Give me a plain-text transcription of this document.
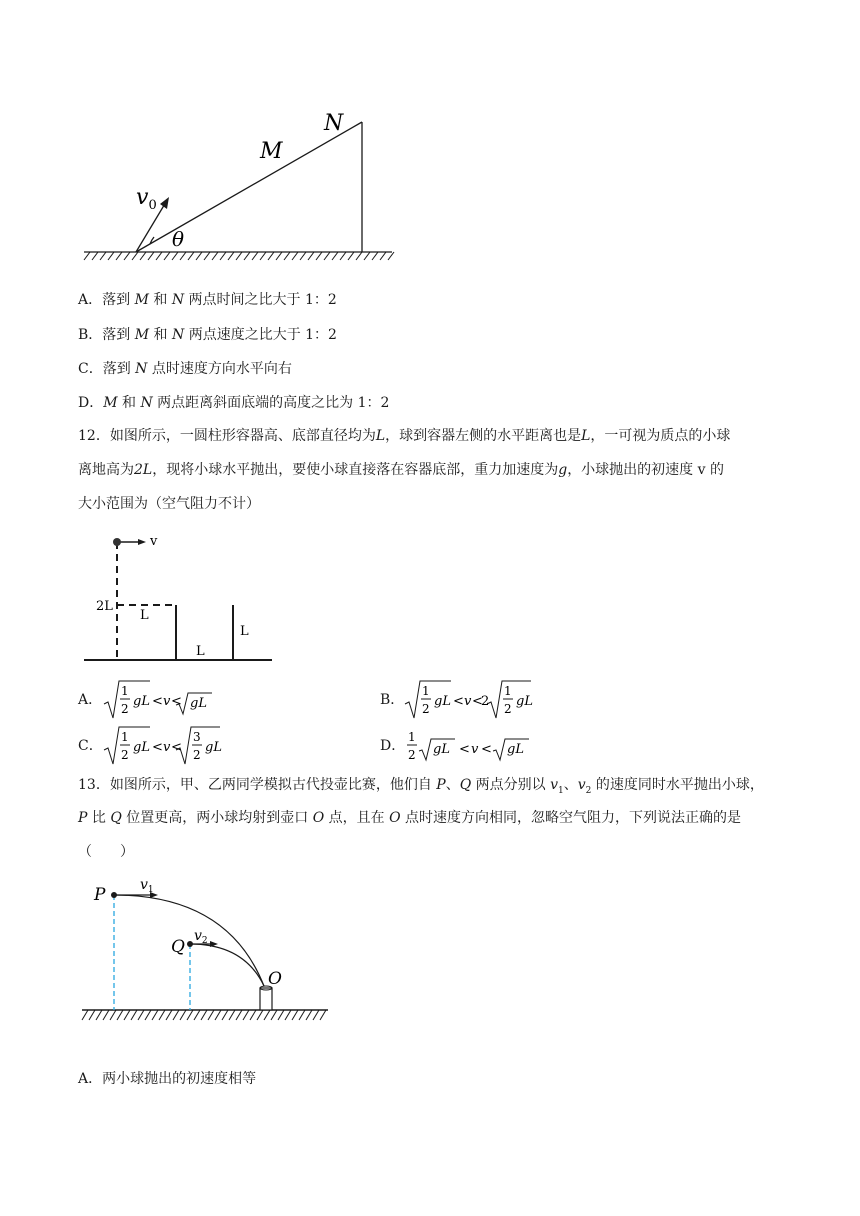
$v_0$
θ
M
N
A．落到 M 和 N 两点时间之比大于 1：2
B．落到 M 和 N 两点速度之比大于 1：2
C．落到 N 点时速度方向水平向右
D．M 和 N 两点距离斜面底端的高度之比为 1：2
12．如图所示，一圆柱形容器高、底部直径均为L，球到容器左侧的水平距离也是L，一可视为质点的小球
离地高为2L，现将小球水平抛出，要使小球直接落在容器底部，重力加速度为g，小球抛出的初速度 v 的
大小范围为（空气阻力不计）
v
2L
L
L
L
A．
1
2 gL < v < gL	B．
1
2 gL < v <
2
1
2 gL
C．
1
2 gL < v <
3
2 gL	D．
1
2 gL < v < gL
13．如图所示，甲、乙两同学模拟古代投壶比赛，他们自 P、Q 两点分别以 $v_1$、$v_2$ 的速度同时水平抛出小球，
P 比 Q 位置更高，两小球均射到壶口 O 点，且在 O 点时速度方向相同，忽略空气阻力，下列说法正确的是
（　　）
P
Q
O
$v_1$
$v_2$
A．两小球抛出的初速度相等
